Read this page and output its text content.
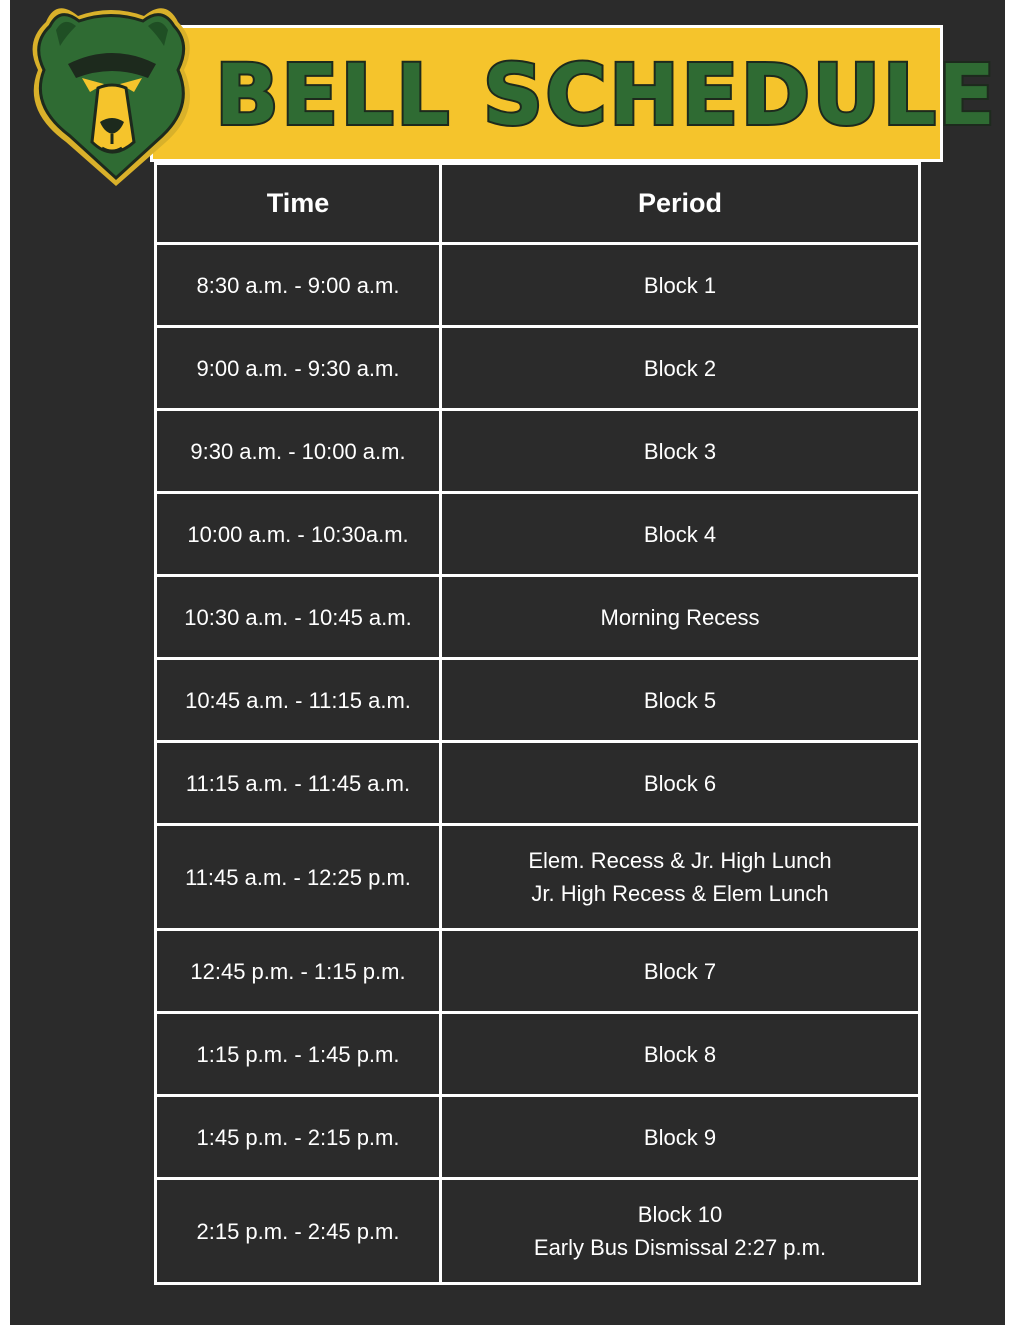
BELL SCHEDULE
Time	Period
8:30 a.m. - 9:00 a.m.	Block 1
9:00 a.m. - 9:30 a.m.	Block 2
9:30 a.m. - 10:00 a.m.	Block 3
10:00 a.m. - 10:30a.m.	Block 4
10:30 a.m. - 10:45 a.m.	Morning Recess
10:45 a.m. - 11:15 a.m.	Block 5
11:15 a.m. - 11:45 a.m.	Block 6
11:45 a.m. - 12:25 p.m.	Elem. Recess & Jr. High Lunch
Jr. High Recess & Elem Lunch

12:45 p.m. - 1:15 p.m.	Block 7
1:15 p.m. - 1:45 p.m.	Block 8
1:45 p.m. - 2:15 p.m.	Block 9
2:15 p.m. - 2:45 p.m.	Block 10
Early Bus Dismissal 2:27 p.m.
